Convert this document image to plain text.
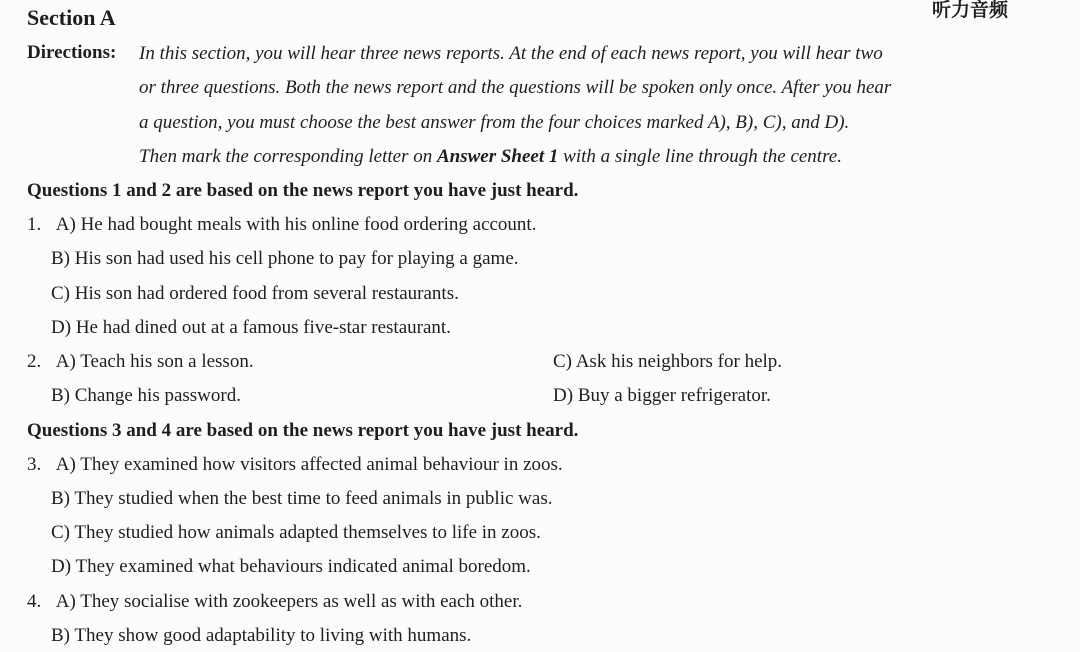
Section A	听力音频
Directions: In this section, you will hear three news reports. At the end of each news report, you will hear two
or three questions. Both the news report and the questions will be spoken only once. After you hear
a question, you must choose the best answer from the four choices marked A), B), C), and D).
Then mark the corresponding letter on Answer Sheet 1 with a single line through the centre.
Questions 1 and 2 are based on the news report you have just heard.
1. A) He had bought meals with his online food ordering account.
B) His son had used his cell phone to pay for playing a game.
C) His son had ordered food from several restaurants.
D) He had dined out at a famous five-star restaurant.
2. A) Teach his son a lesson.	C) Ask his neighbors for help.
B) Change his password.	D) Buy a bigger refrigerator.
Questions 3 and 4 are based on the news report you have just heard.
3. A) They examined how visitors affected animal behaviour in zoos.
B) They studied when the best time to feed animals in public was.
C) They studied how animals adapted themselves to life in zoos.
D) They examined what behaviours indicated animal boredom.
4. A) They socialise with zookeepers as well as with each other.
B) They show good adaptability to living with humans.
